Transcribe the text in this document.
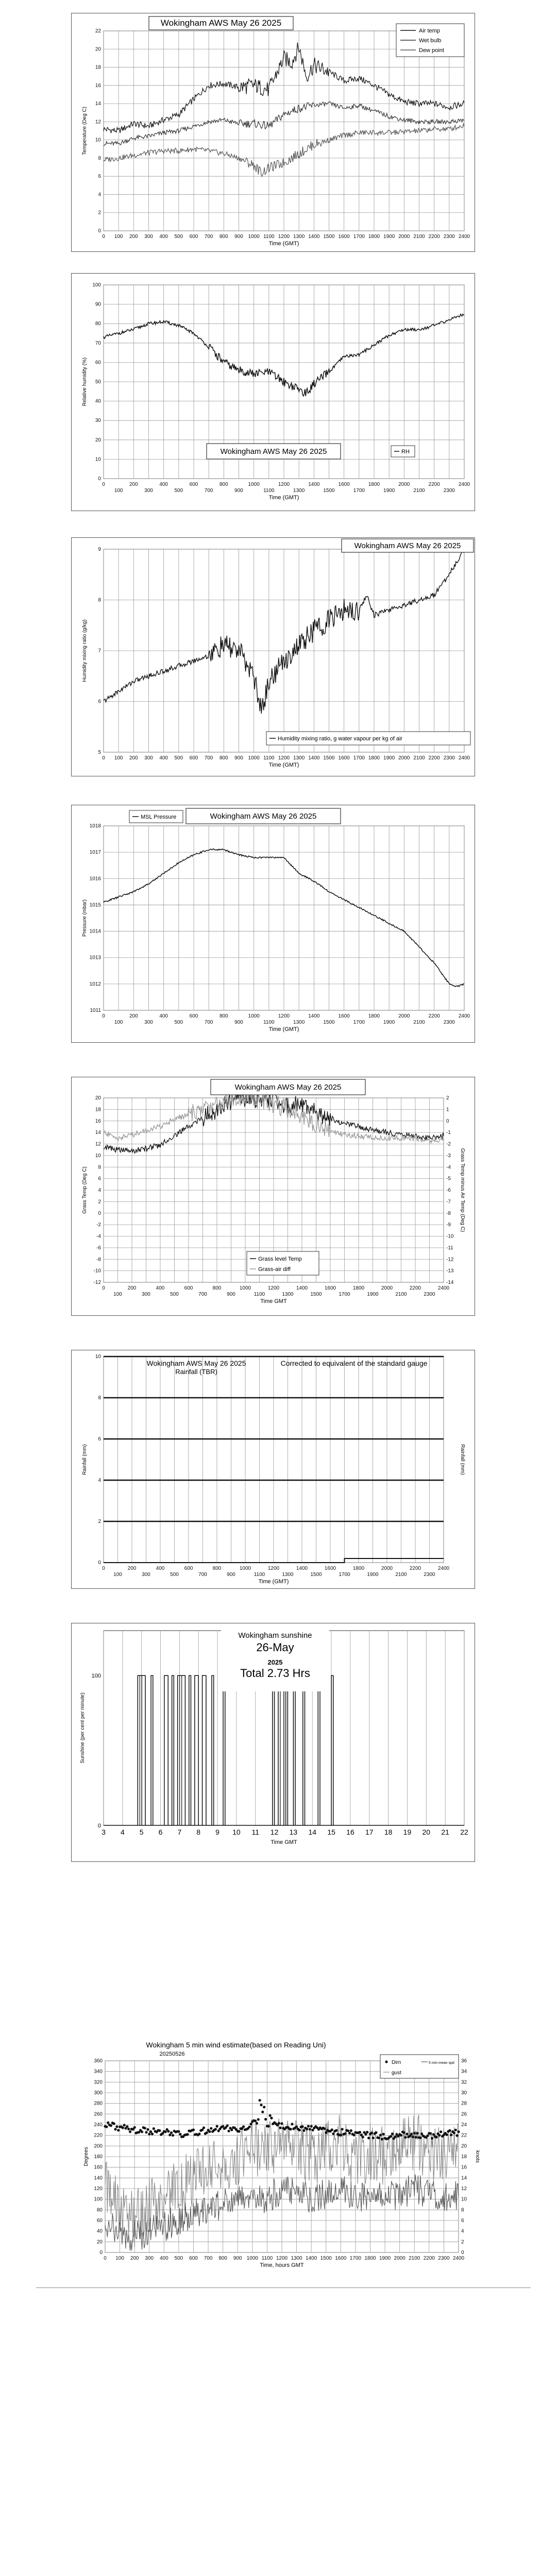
0 100 200 300 400 500 600 700 800 900 1000 1100 1200 1300 1400 1500 1600 1700 1800 1900 2000 2100 2200 2300 2400
0
2
4
6
8
10
12
14
16
18
20
22
Time (GMT)
Temperature (Deg C)
Wokingham AWS May 26 2025
Air temp
Wet bulb
Dew point
0
100
200
300
400
500
600
700
800
900
1000
1100
1200
1300
1400
1500
1600
1700
1800
1900
2000
2100
2200
2300
2400
0
10
20
30
40
50
60
70
80
90
100
Time (GMT)
Relative humidity (%)
Wokingham AWS May 26 2025	RH
0 100 200 300 400 500 600 700 800 900 1000 1100 1200 1300 1400 1500 1600 1700 1800 1900 2000 2100 2200 2300 2400
5
6
7
8
9
Time (GMT)
Humidity mixing ratio (g/kg)
Wokingham AWS May 26 2025
Humidity mixing ratio, g water vapour per kg of air
0
100
200
300
400
500
600
700
800
900
1000
1100
1200
1300
1400
1500
1600
1700
1800
1900
2000
2100
2200
2300
2400
1011
1012
1013
1014
1015
1016
1017
1018
Time (GMT)
Pressure (mbar)
Wokingham AWS May 26 2025
MSL Pressure
0
100
200
300
400
500
600
700
800
900
1000
1100
1200
1300
1400
1500
1600
1700
1800
1900
2000
2100
2200
2300
2400
-12
-10
-8
-6
-4
-2
0
2
4
6
8
10
12
14
16
18
20
-14
-13
-12
-11
-10
-9
-8
-7
-6
-5
-4
-3
-2
-1
0
1
2
Time GMT
Grass Temp (Deg C)	Grass Temp minus Air Temp (Deg C)
Wokingham AWS May 26 2025
Grass level Temp
Grass-air diff
0
100
200
300
400
500
600
700
800
900
1000
1100
1200
1300
1400
1500
1600
1700
1800
1900
2000
2100
2200
2300
2400
0
2
4
6
8
10
Time (GMT)
Rainfall (mm)	Rainfall (mm)
Wokingham AWS May 26 2025
Rainfall (TBR)
Corrected to equivalent of the standard gauge
3 4 5 6 7 8 9 10 11 12 13 14 15 16 17 18 19 20 21 22
0
100
Time GMT
Sunshine (per cent per minute)
Wokingham sunshine
26-May
2025
Total 2.73 Hrs
0 100 200 300 400 500 600 700 800 900 1000 1100 1200 1300 1400 1500 1600 1700 1800 1900 2000 2100 2200 2300 2400
0
20
40
60
80
100
120
140
160
180
200
220
240
260
280
300
320
340
360
0
2
4
6
8
10
12
14
16
18
20
22
24
26
28
30
32
34
36
Time, hours GMT
Degrees	knots
Wokingham 5 min wind estimate(based on Reading Uni)
20250526
Dirn	5 min mean spd
gust
